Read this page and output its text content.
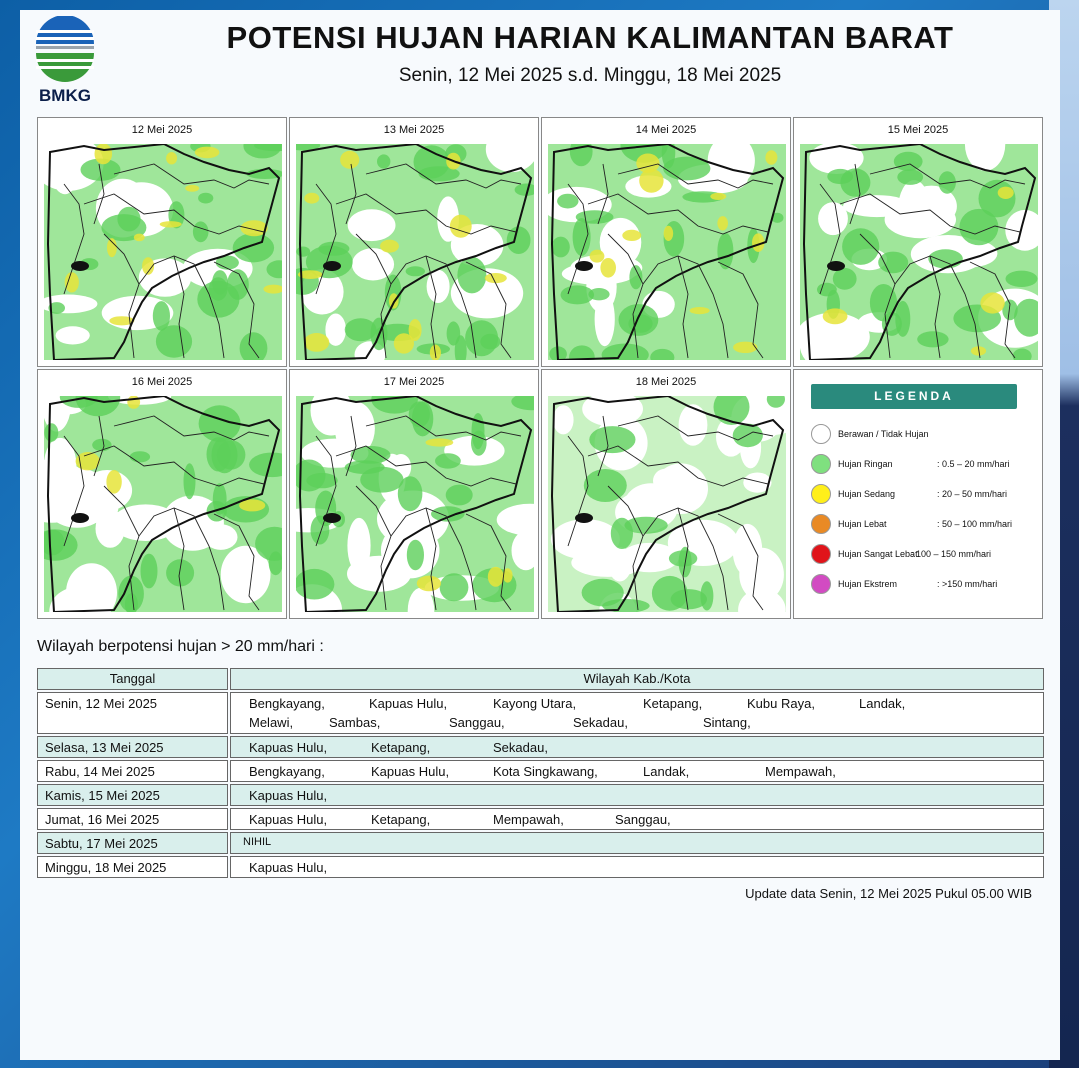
BMKG
POTENSI HUJAN HARIAN KALIMANTAN BARAT
Senin, 12 Mei 2025 s.d. Minggu, 18 Mei 2025
12 Mei 2025	13 Mei 2025	14 Mei 2025	15 Mei 2025
16 Mei 2025	17 Mei 2025	18 Mei 2025
LEGENDA
Berawan / Tidak Hujan
Hujan Ringan	: 0.5 – 20 mm/hari
Hujan Sedang	: 20 – 50 mm/hari
Hujan Lebat	: 50 – 100 mm/hari
Hujan Sangat Lebat
: 100 – 150 mm/hari
Hujan Ekstrem	: >150 mm/hari
Wilayah berpotensi hujan > 20 mm/hari :
Tanggal	Wilayah Kab./Kota
Senin, 12 Mei 2025	Bengkayang,	Kapuas Hulu,	Kayong Utara,	Ketapang,	Kubu Raya,	Landak,
Melawi,	Sambas,	Sanggau,	Sekadau,	Sintang,
Selasa, 13 Mei 2025	Kapuas Hulu,	Ketapang,	Sekadau,
Rabu, 14 Mei 2025	Bengkayang,	Kapuas Hulu,	Kota Singkawang,	Landak,	Mempawah,
Kamis, 15 Mei 2025	Kapuas Hulu,
Jumat, 16 Mei 2025	Kapuas Hulu,	Ketapang,	Mempawah,	Sanggau,
Sabtu, 17 Mei 2025	NIHIL
Minggu, 18 Mei 2025	Kapuas Hulu,
Update data Senin, 12 Mei 2025 Pukul 05.00 WIB
